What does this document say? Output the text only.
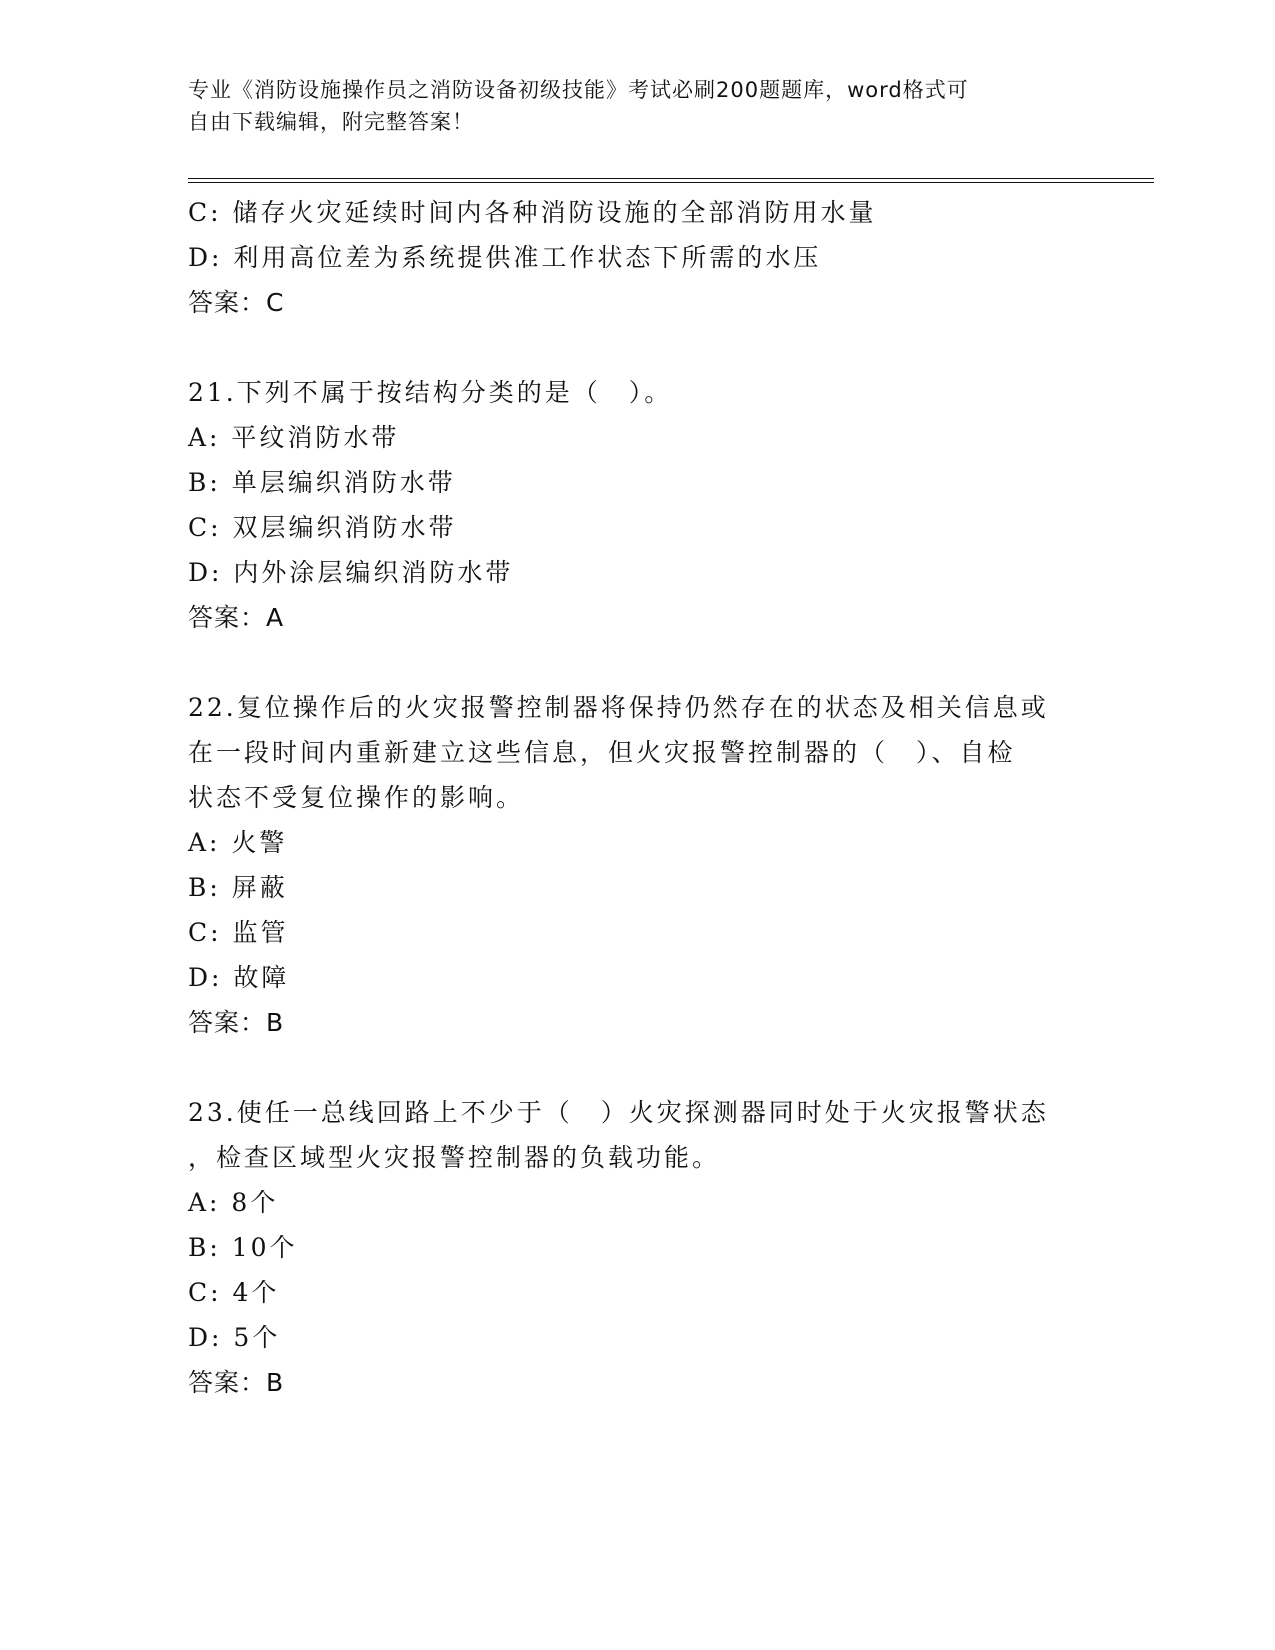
专业《消防设施操作员之消防设备初级技能》考试必刷200题题库，word格式可
自由下载编辑，附完整答案！
C: 储存火灾延续时间内各种消防设施的全部消防用水量
D: 利用高位差为系统提供准工作状态下所需的水压
答案：C
21.下列不属于按结构分类的是（　）。
A: 平纹消防水带
B: 单层编织消防水带
C: 双层编织消防水带
D: 内外涂层编织消防水带
答案：A
22.复位操作后的火灾报警控制器将保持仍然存在的状态及相关信息或
在一段时间内重新建立这些信息，但火灾报警控制器的（　）、自检
状态不受复位操作的影响。
A: 火警
B: 屏蔽
C: 监管
D: 故障
答案：B
23.使任一总线回路上不少于（　）火灾探测器同时处于火灾报警状态
，检查区域型火灾报警控制器的负载功能。
A: 8个
B: 10个
C: 4个
D: 5个
答案：B
